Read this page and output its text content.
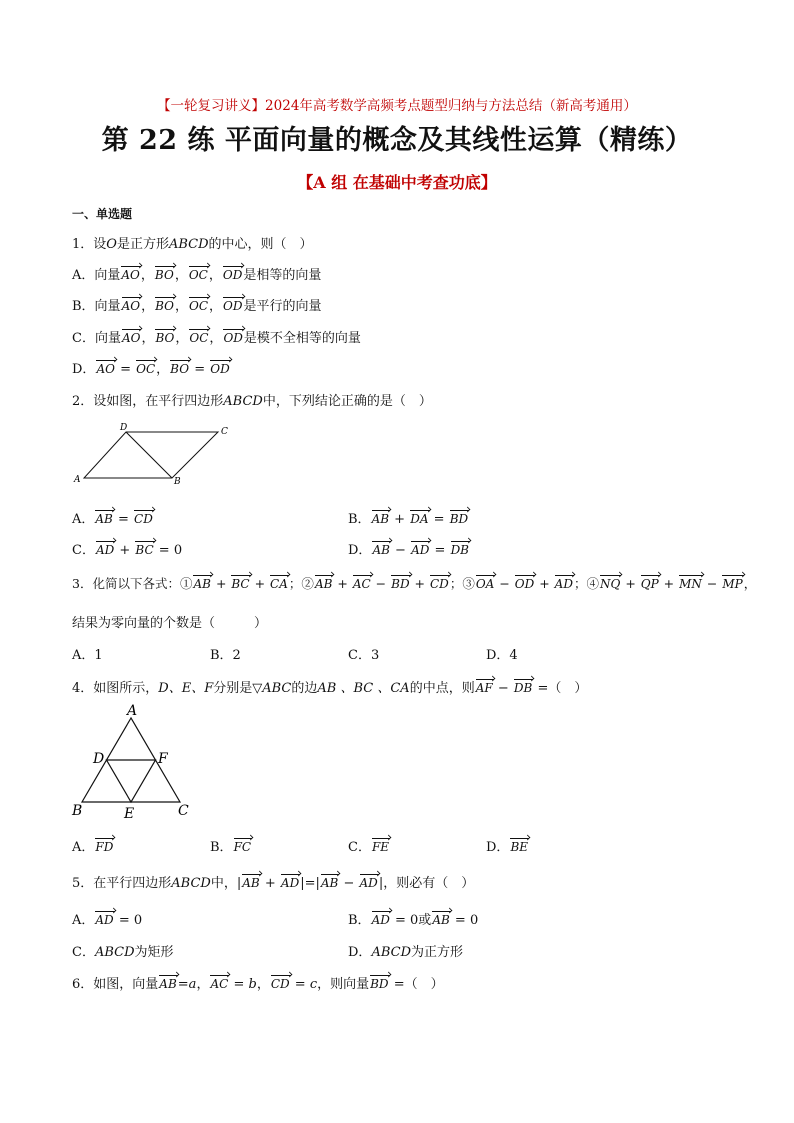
【一轮复习讲义】2024年高考数学高频考点题型归纳与方法总结（新高考通用）
第 22 练 平面向量的概念及其线性运算（精练）
【A 组 在基础中考查功底】
一、单选题
1．设O是正方形ABCD的中心，则（　）
A．向量AO，BO，OC，OD是相等的向量
B．向量AO，BO，OC，OD是平行的向量
C．向量AO，BO，OC，OD是模不全相等的向量
D．AO = OC，BO = OD
2．设如图，在平行四边形ABCD中，下列结论正确的是（　）
A	B
C
D
A．AB = CD	B．AB + DA = BD
C．AD + BC = 0	D．AB − AD = DB
3．化简以下各式：①AB + BC + CA；②AB + AC − BD + CD；③OA − OD + AD；④NQ + QP + MN − MP，
结果为零向量的个数是（　　　）
A．1	B．2	C．3	D．4
4．如图所示，D、E、F分别是▽ABC的边AB 、BC 、CA的中点，则AF − DB =（　）
A
B	C
D
E
F
A．FD	B．FC	C．FE	D．BE
5．在平行四边形ABCD中，|AB + AD|=|AB − AD|，则必有（　）
A．AD = 0	B．AD = 0或AB = 0
C．ABCD为矩形	D．ABCD为正方形
6．如图，向量AB=a，AC = b，CD = c，则向量BD =（　）
